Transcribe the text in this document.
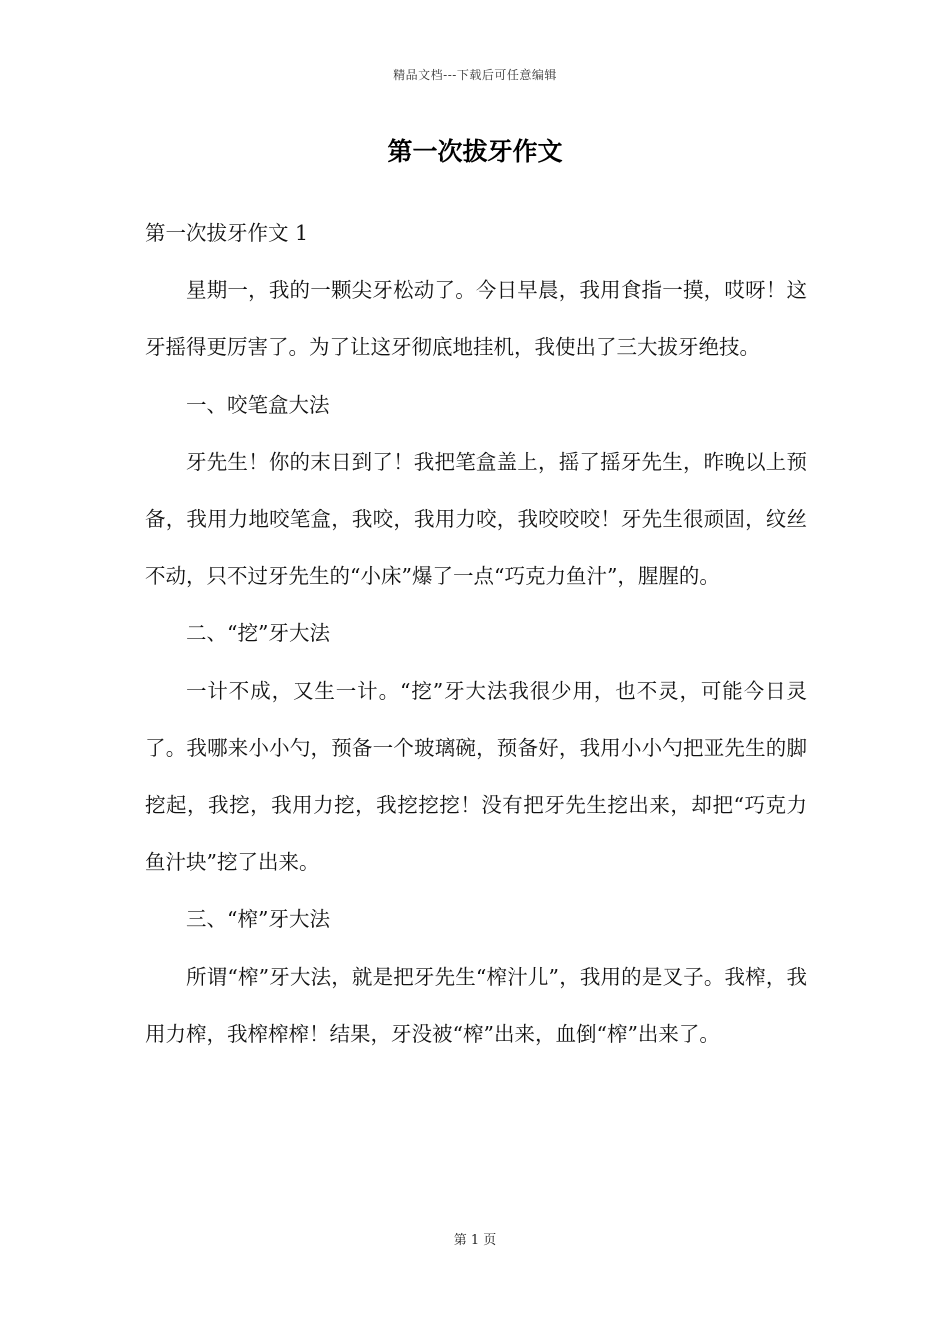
精品文档---下载后可任意编辑
第一次拔牙作文

第一次拔牙作文 1

星期一，我的一颗尖牙松动了。今日早晨，我用食指一摸，哎呀！这牙摇得更厉害了。为了让这牙彻底地挂机，我使出了三大拔牙绝技。

一、咬笔盒大法

牙先生！你的末日到了！我把笔盒盖上，摇了摇牙先生，昨晚以上预备，我用力地咬笔盒，我咬，我用力咬，我咬咬咬！牙先生很顽固，纹丝不动，只不过牙先生的“小床”爆了一点“巧克力鱼汁”，腥腥的。

二、“挖”牙大法

一计不成，又生一计。“挖”牙大法我很少用，也不灵，可能今日灵了。我哪来小小勺，预备一个玻璃碗，预备好，我用小小勺把亚先生的脚挖起，我挖，我用力挖，我挖挖挖！没有把牙先生挖出来，却把“巧克力鱼汁块”挖了出来。

三、“榨”牙大法

所谓“榨”牙大法，就是把牙先生“榨汁儿”，我用的是叉子。我榨，我用力榨，我榨榨榨！结果，牙没被“榨”出来，血倒“榨”出来了。

第 1 页
